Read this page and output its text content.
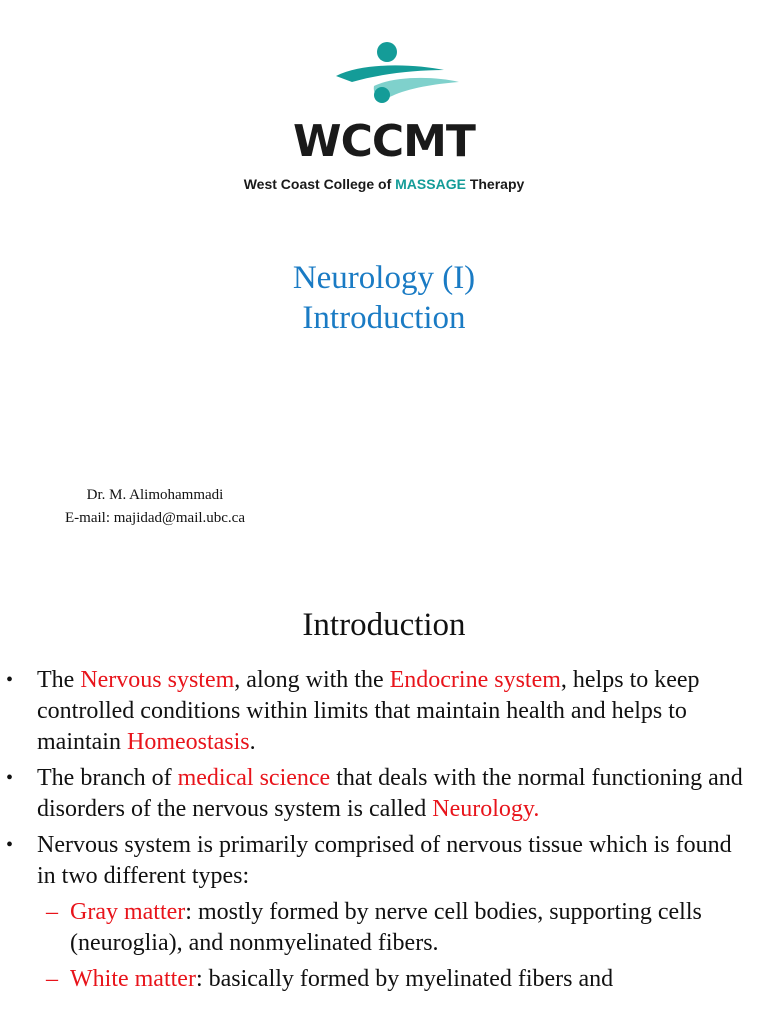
WCCMT
West Coast College of MASSAGE Therapy
Neurology (I)
Introduction
Dr. M. Alimohammadi
E-mail: majidad@mail.ubc.ca
Introduction
• The Nervous system, along with the Endocrine system, helps to keep controlled conditions within limits that maintain health and helps to maintain Homeostasis.
• The branch of medical science that deals with the normal functioning and disorders of the nervous system is called Neurology.
• Nervous system is primarily comprised of nervous tissue which is found in two different types:
– Gray matter: mostly formed by nerve cell bodies, supporting cells (neuroglia), and nonmyelinated fibers.
– White matter: basically formed by myelinated fibers and
